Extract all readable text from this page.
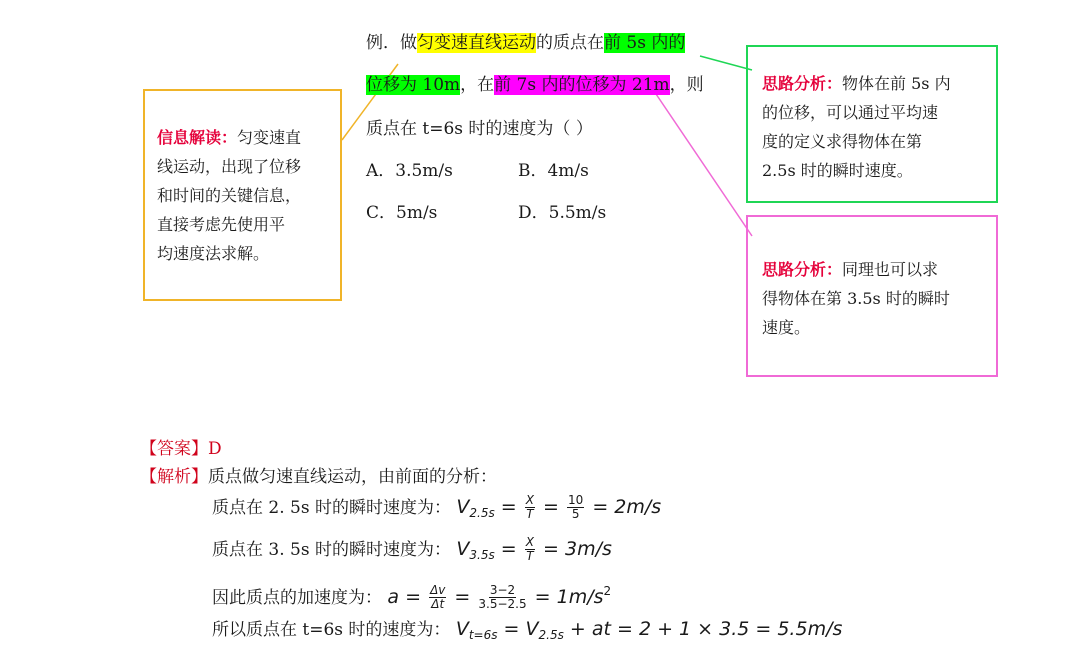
例．做匀变速直线运动的质点在前 5s 内的
位移为 10m，在前 7s 内的位移为 21m，则
质点在 t=6s 时的速度为（ ）
A．3.5m/s	B．4m/s
C．5m/s	D．5.5m/s
信息解读：匀变速直
线运动，出现了位移
和时间的关键信息，
直接考虑先使用平
均速度法求解。
思路分析：物体在前 5s 内
的位移，可以通过平均速
度的定义求得物体在第
2.5s 时的瞬时速度。
思路分析：同理也可以求
得物体在第 3.5s 时的瞬时
速度。
【答案】D
【解析】质点做匀速直线运动，由前面的分析：
质点在 2. 5s 时的瞬时速度为： $V_{2.5s} = \frac{X}{T} = \frac{10}{5} = 2m/s$
质点在 3. 5s 时的瞬时速度为： $V_{3.5s} = \frac{X}{T} = 3m/s$
因此质点的加速度为： $a = \frac{\Delta v}{\Delta t} = \frac{3-2}{3.5-2.5} = 1m/s^2$
所以质点在 t=6s 时的速度为： $V_{t=6s} = V_{2.5s}$ + at = 2 + 1 × 3.5 = 5.5m/s
